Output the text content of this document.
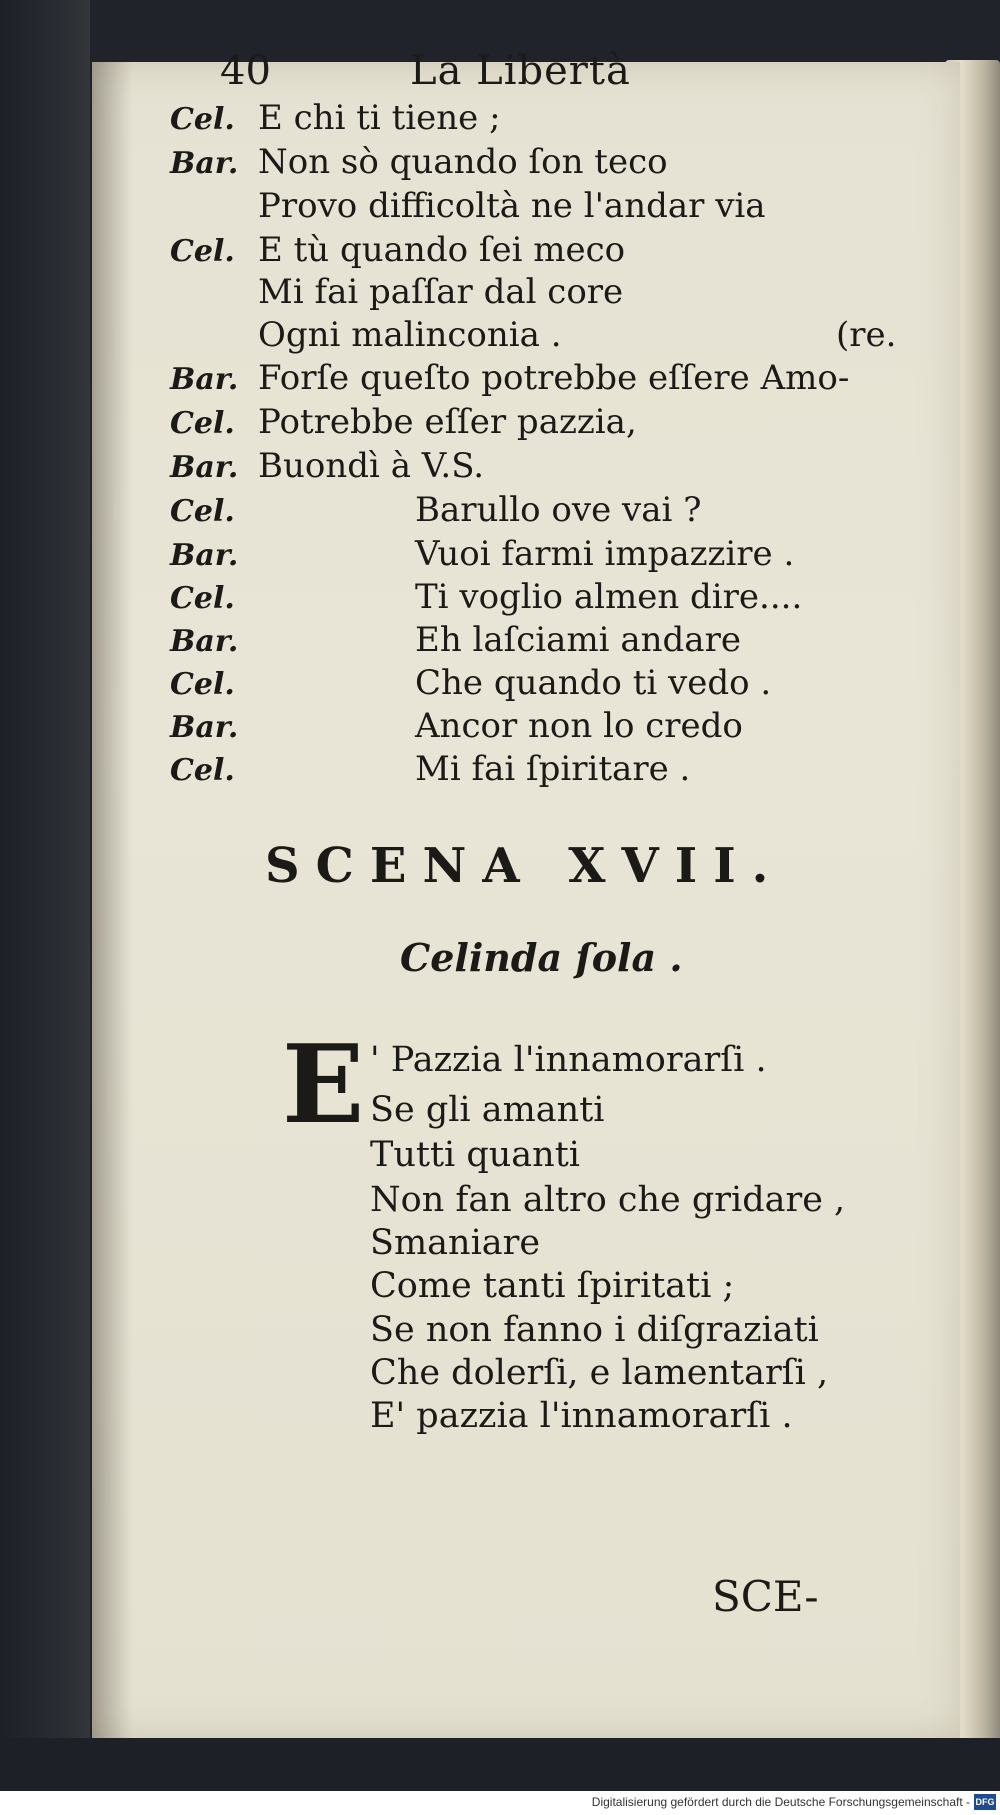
40	La Libertà
Cel. E chi ti tiene ;
Bar. Non sò quando ſon teco
Provo difficoltà ne l'andar via
Cel. E tù quando ſei meco
Mi fai paſſar dal core
Ogni malinconia .	(re.
Bar. Forſe queſto potrebbe eſſere Amo-
Cel. Potrebbe eſſer pazzia,
Bar. Buondì à V.S.
Cel.	Barullo ove vai ?
Bar.	Vuoi farmi impazzire .
Cel.	Ti voglio almen dire....
Bar.	Eh laſciami andare
Cel.	Che quando ti vedo .
Bar.	Ancor non lo credo
Cel.	Mi fai ſpiritare .
SCENA XVII.
Celinda ſola .
E ' Pazzia l'innamorarſi .
Se gli amanti
Tutti quanti
Non fan altro che gridare ,
Smaniare
Come tanti ſpiritati ;
Se non fanno i diſgraziati
Che dolerſi, e lamentarſi ,
E' pazzia l'innamorarſi .
SCE-
Digitalisierung gefördert durch die Deutsche Forschungsgemeinschaft - DFG
